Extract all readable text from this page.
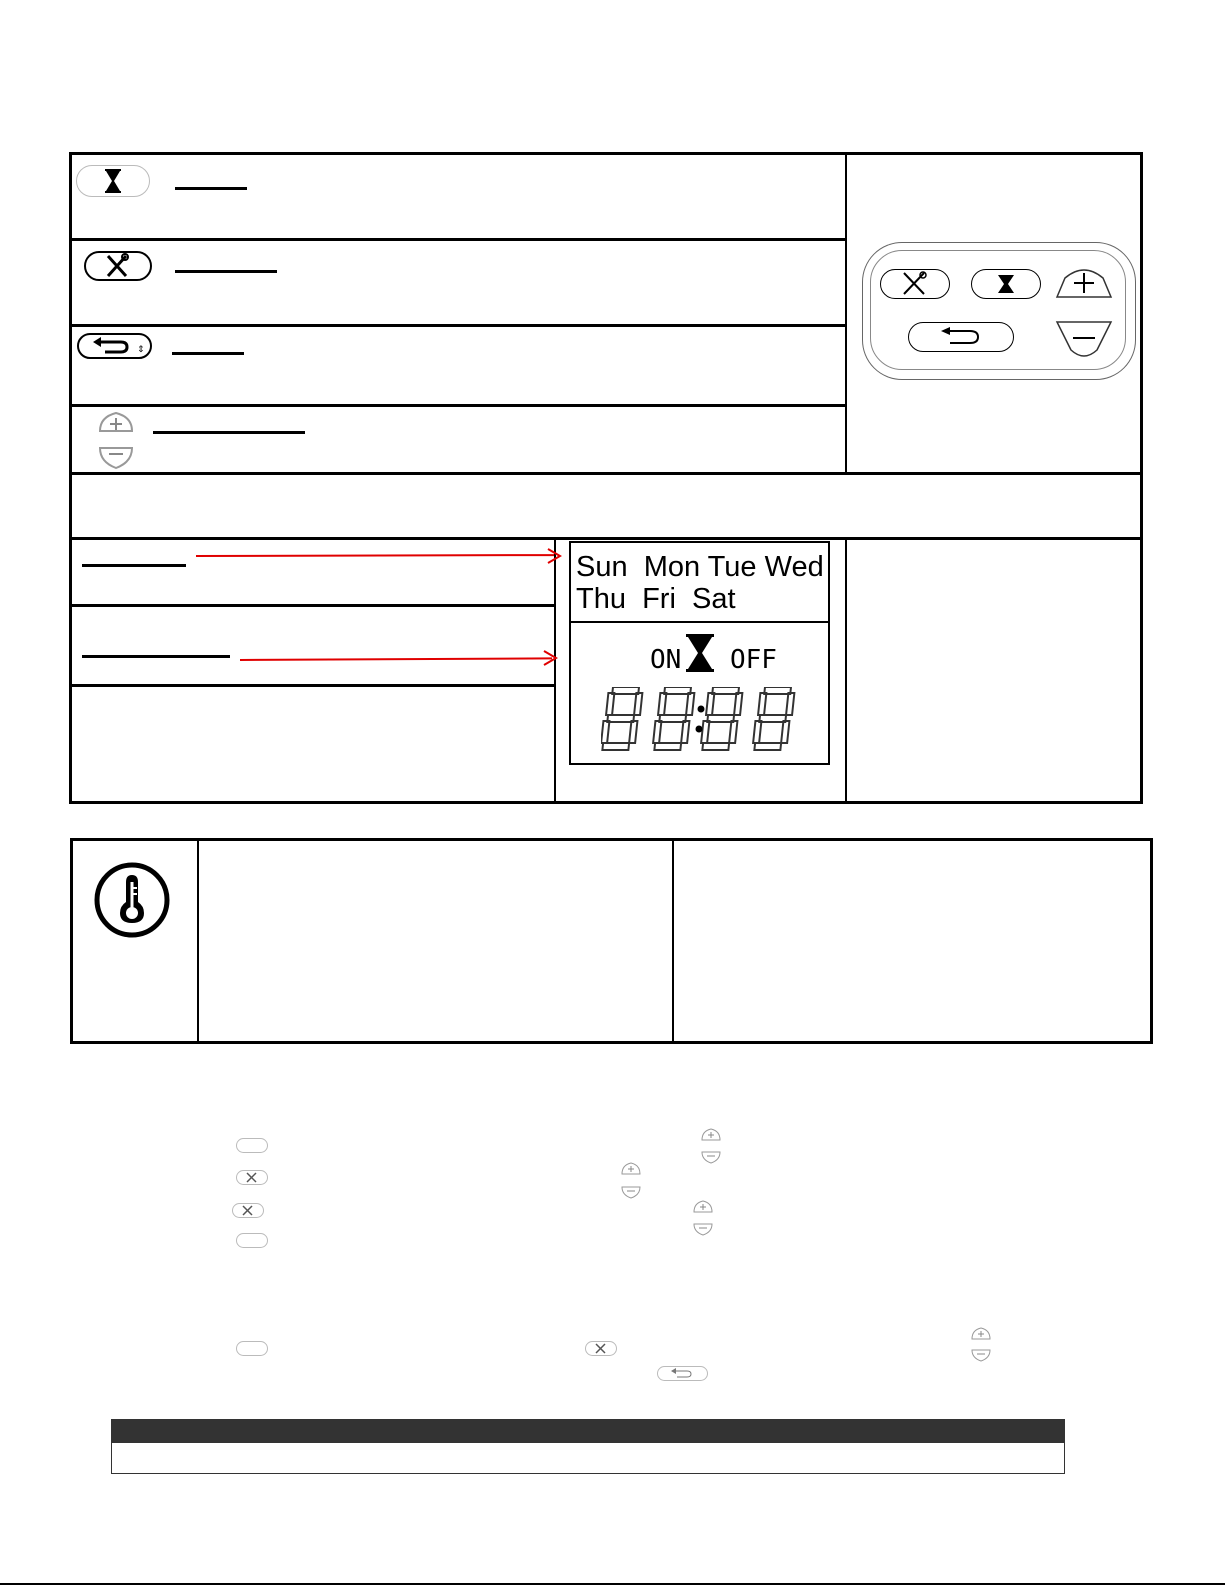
⇕
Sun  Mon Tue Wed
Thu  Fri  Sat
ON OFF
